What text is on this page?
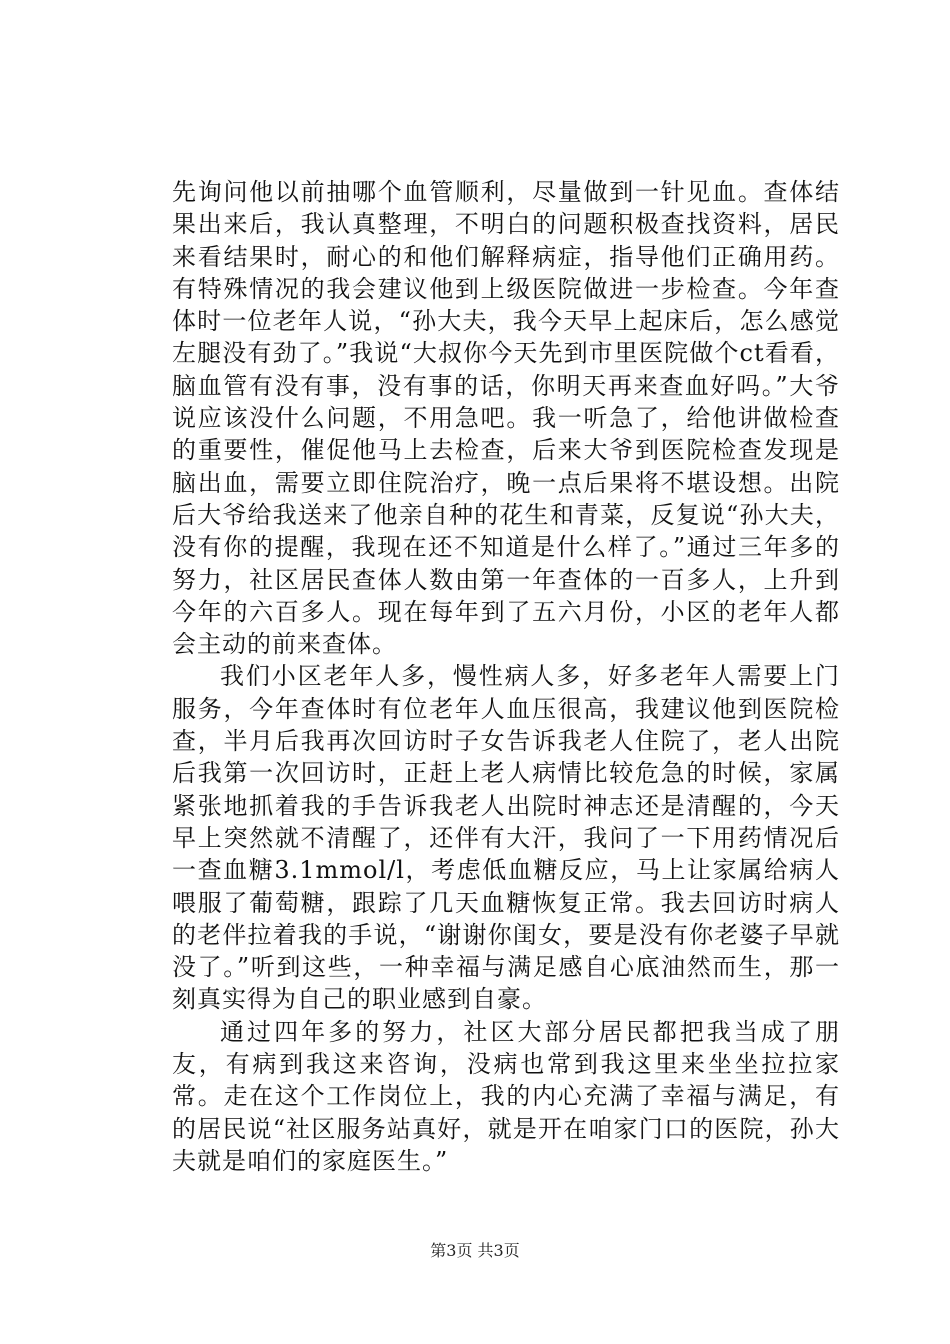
先询问他以前抽哪个血管顺利，尽量做到一针见血。查体结果出来后，我认真整理，不明白的问题积极查找资料，居民来看结果时，耐心的和他们解释病症，指导他们正确用药。有特殊情况的我会建议他到上级医院做进一步检查。今年查体时一位老年人说，“孙大夫，我今天早上起床后，怎么感觉左腿没有劲了。”我说“大叔你今天先到市里医院做个ct看看，脑血管有没有事，没有事的话，你明天再来查血好吗。”大爷说应该没什么问题，不用急吧。我一听急了，给他讲做检查的重要性，催促他马上去检查，后来大爷到医院检查发现是脑出血，需要立即住院治疗，晚一点后果将不堪设想。出院后大爷给我送来了他亲自种的花生和青菜，反复说“孙大夫，没有你的提醒，我现在还不知道是什么样了。”通过三年多的努力，社区居民查体人数由第一年查体的一百多人，上升到今年的六百多人。现在每年到了五六月份，小区的老年人都会主动的前来查体。

我们小区老年人多，慢性病人多，好多老年人需要上门服务，今年查体时有位老年人血压很高，我建议他到医院检查，半月后我再次回访时子女告诉我老人住院了，老人出院后我第一次回访时，正赶上老人病情比较危急的时候，家属紧张地抓着我的手告诉我老人出院时神志还是清醒的，今天早上突然就不清醒了，还伴有大汗，我问了一下用药情况后一查血糖3.1mmol/l，考虑低血糖反应，马上让家属给病人喂服了葡萄糖，跟踪了几天血糖恢复正常。我去回访时病人的老伴拉着我的手说，“谢谢你闺女，要是没有你老婆子早就没了。”听到这些，一种幸福与满足感自心底油然而生，那一刻真实得为自己的职业感到自豪。

通过四年多的努力，社区大部分居民都把我当成了朋友，有病到我这来咨询，没病也常到我这里来坐坐拉拉家常。走在这个工作岗位上，我的内心充满了幸福与满足，有的居民说“社区服务站真好，就是开在咱家门口的医院，孙大夫就是咱们的家庭医生。”

第3页 共3页
